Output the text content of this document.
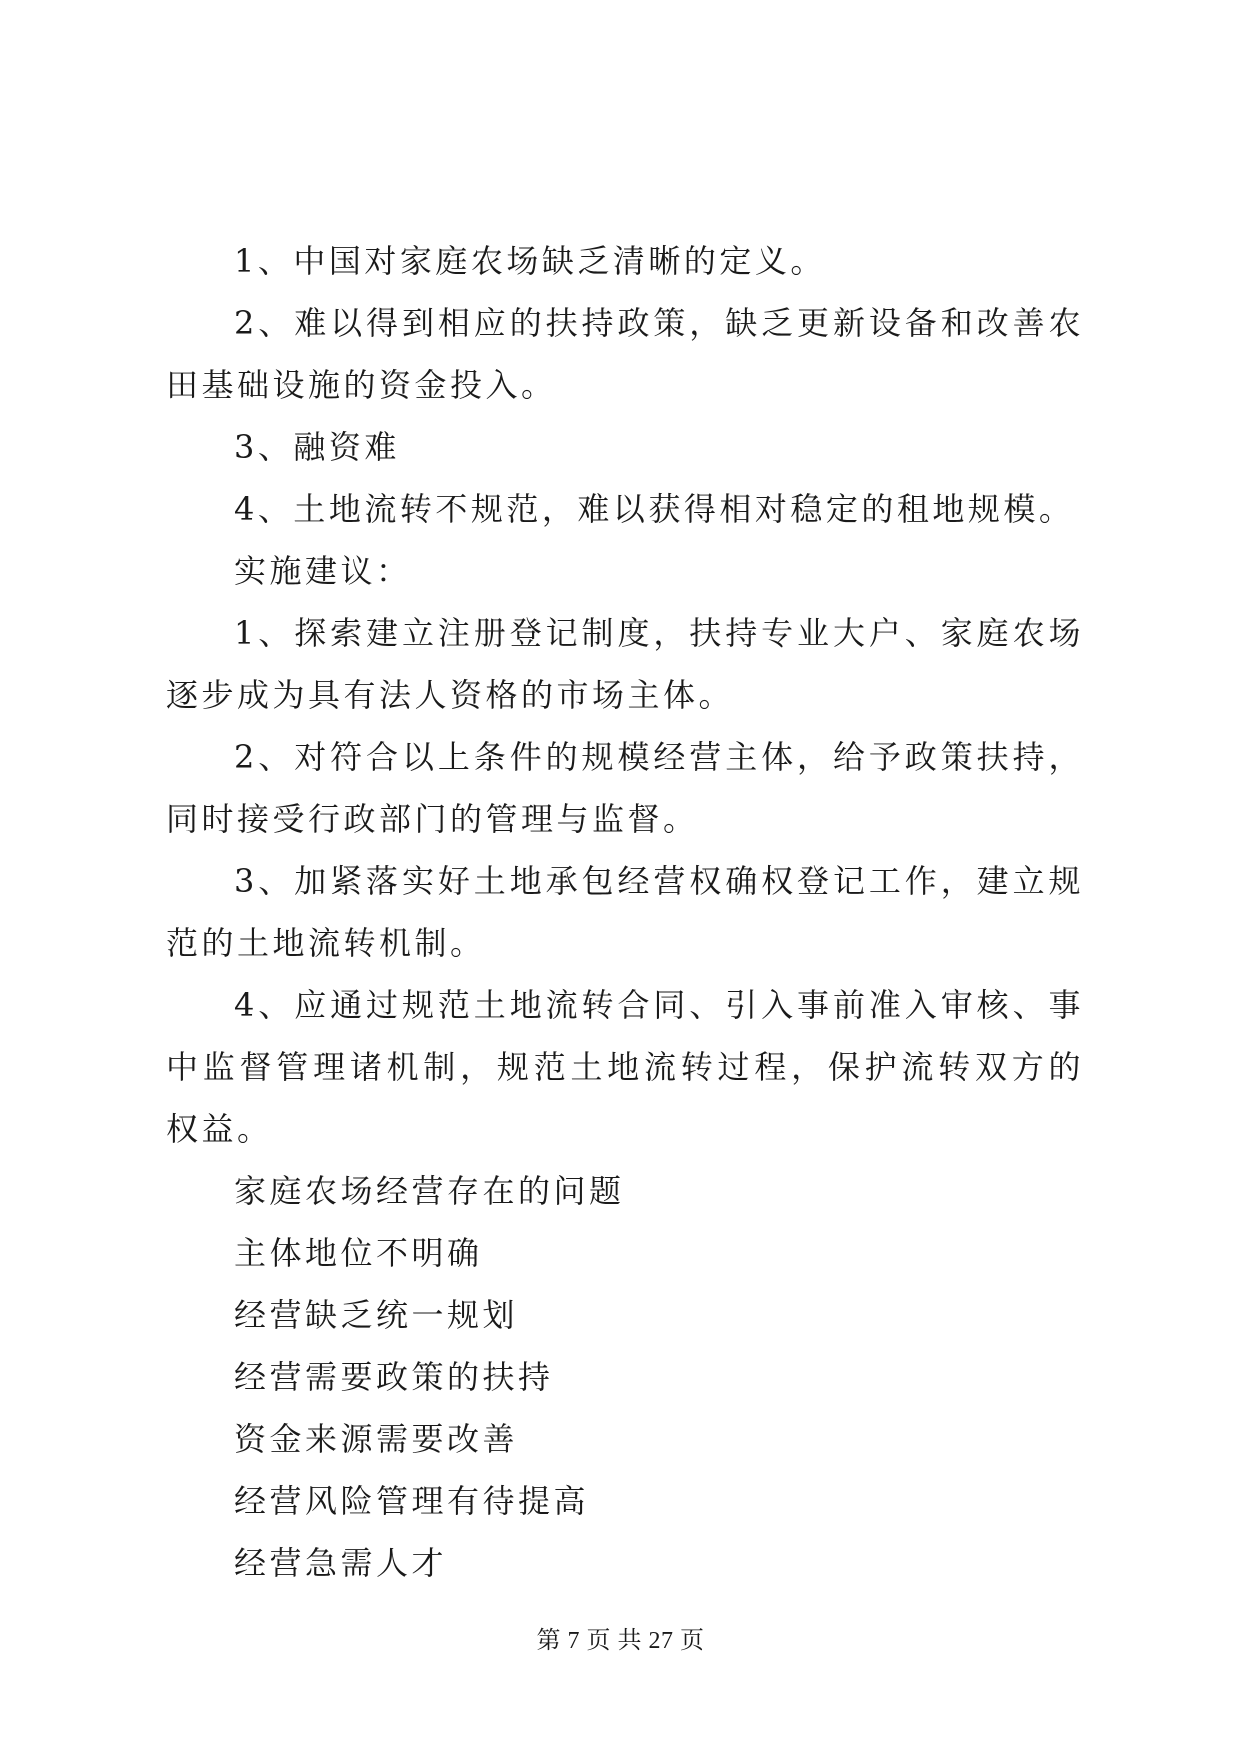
1、中国对家庭农场缺乏清晰的定义。

2、难以得到相应的扶持政策，缺乏更新设备和改善农田基础设施的资金投入。

3、融资难

4、土地流转不规范，难以获得相对稳定的租地规模。

实施建议：

1、探索建立注册登记制度，扶持专业大户、家庭农场逐步成为具有法人资格的市场主体。

2、对符合以上条件的规模经营主体，给予政策扶持，同时接受行政部门的管理与监督。

3、加紧落实好土地承包经营权确权登记工作，建立规范的土地流转机制。

4、应通过规范土地流转合同、引入事前准入审核、事中监督管理诸机制，规范土地流转过程，保护流转双方的权益。

家庭农场经营存在的问题

主体地位不明确

经营缺乏统一规划

经营需要政策的扶持

资金来源需要改善

经营风险管理有待提高

经营急需人才

第 7 页 共 27 页
